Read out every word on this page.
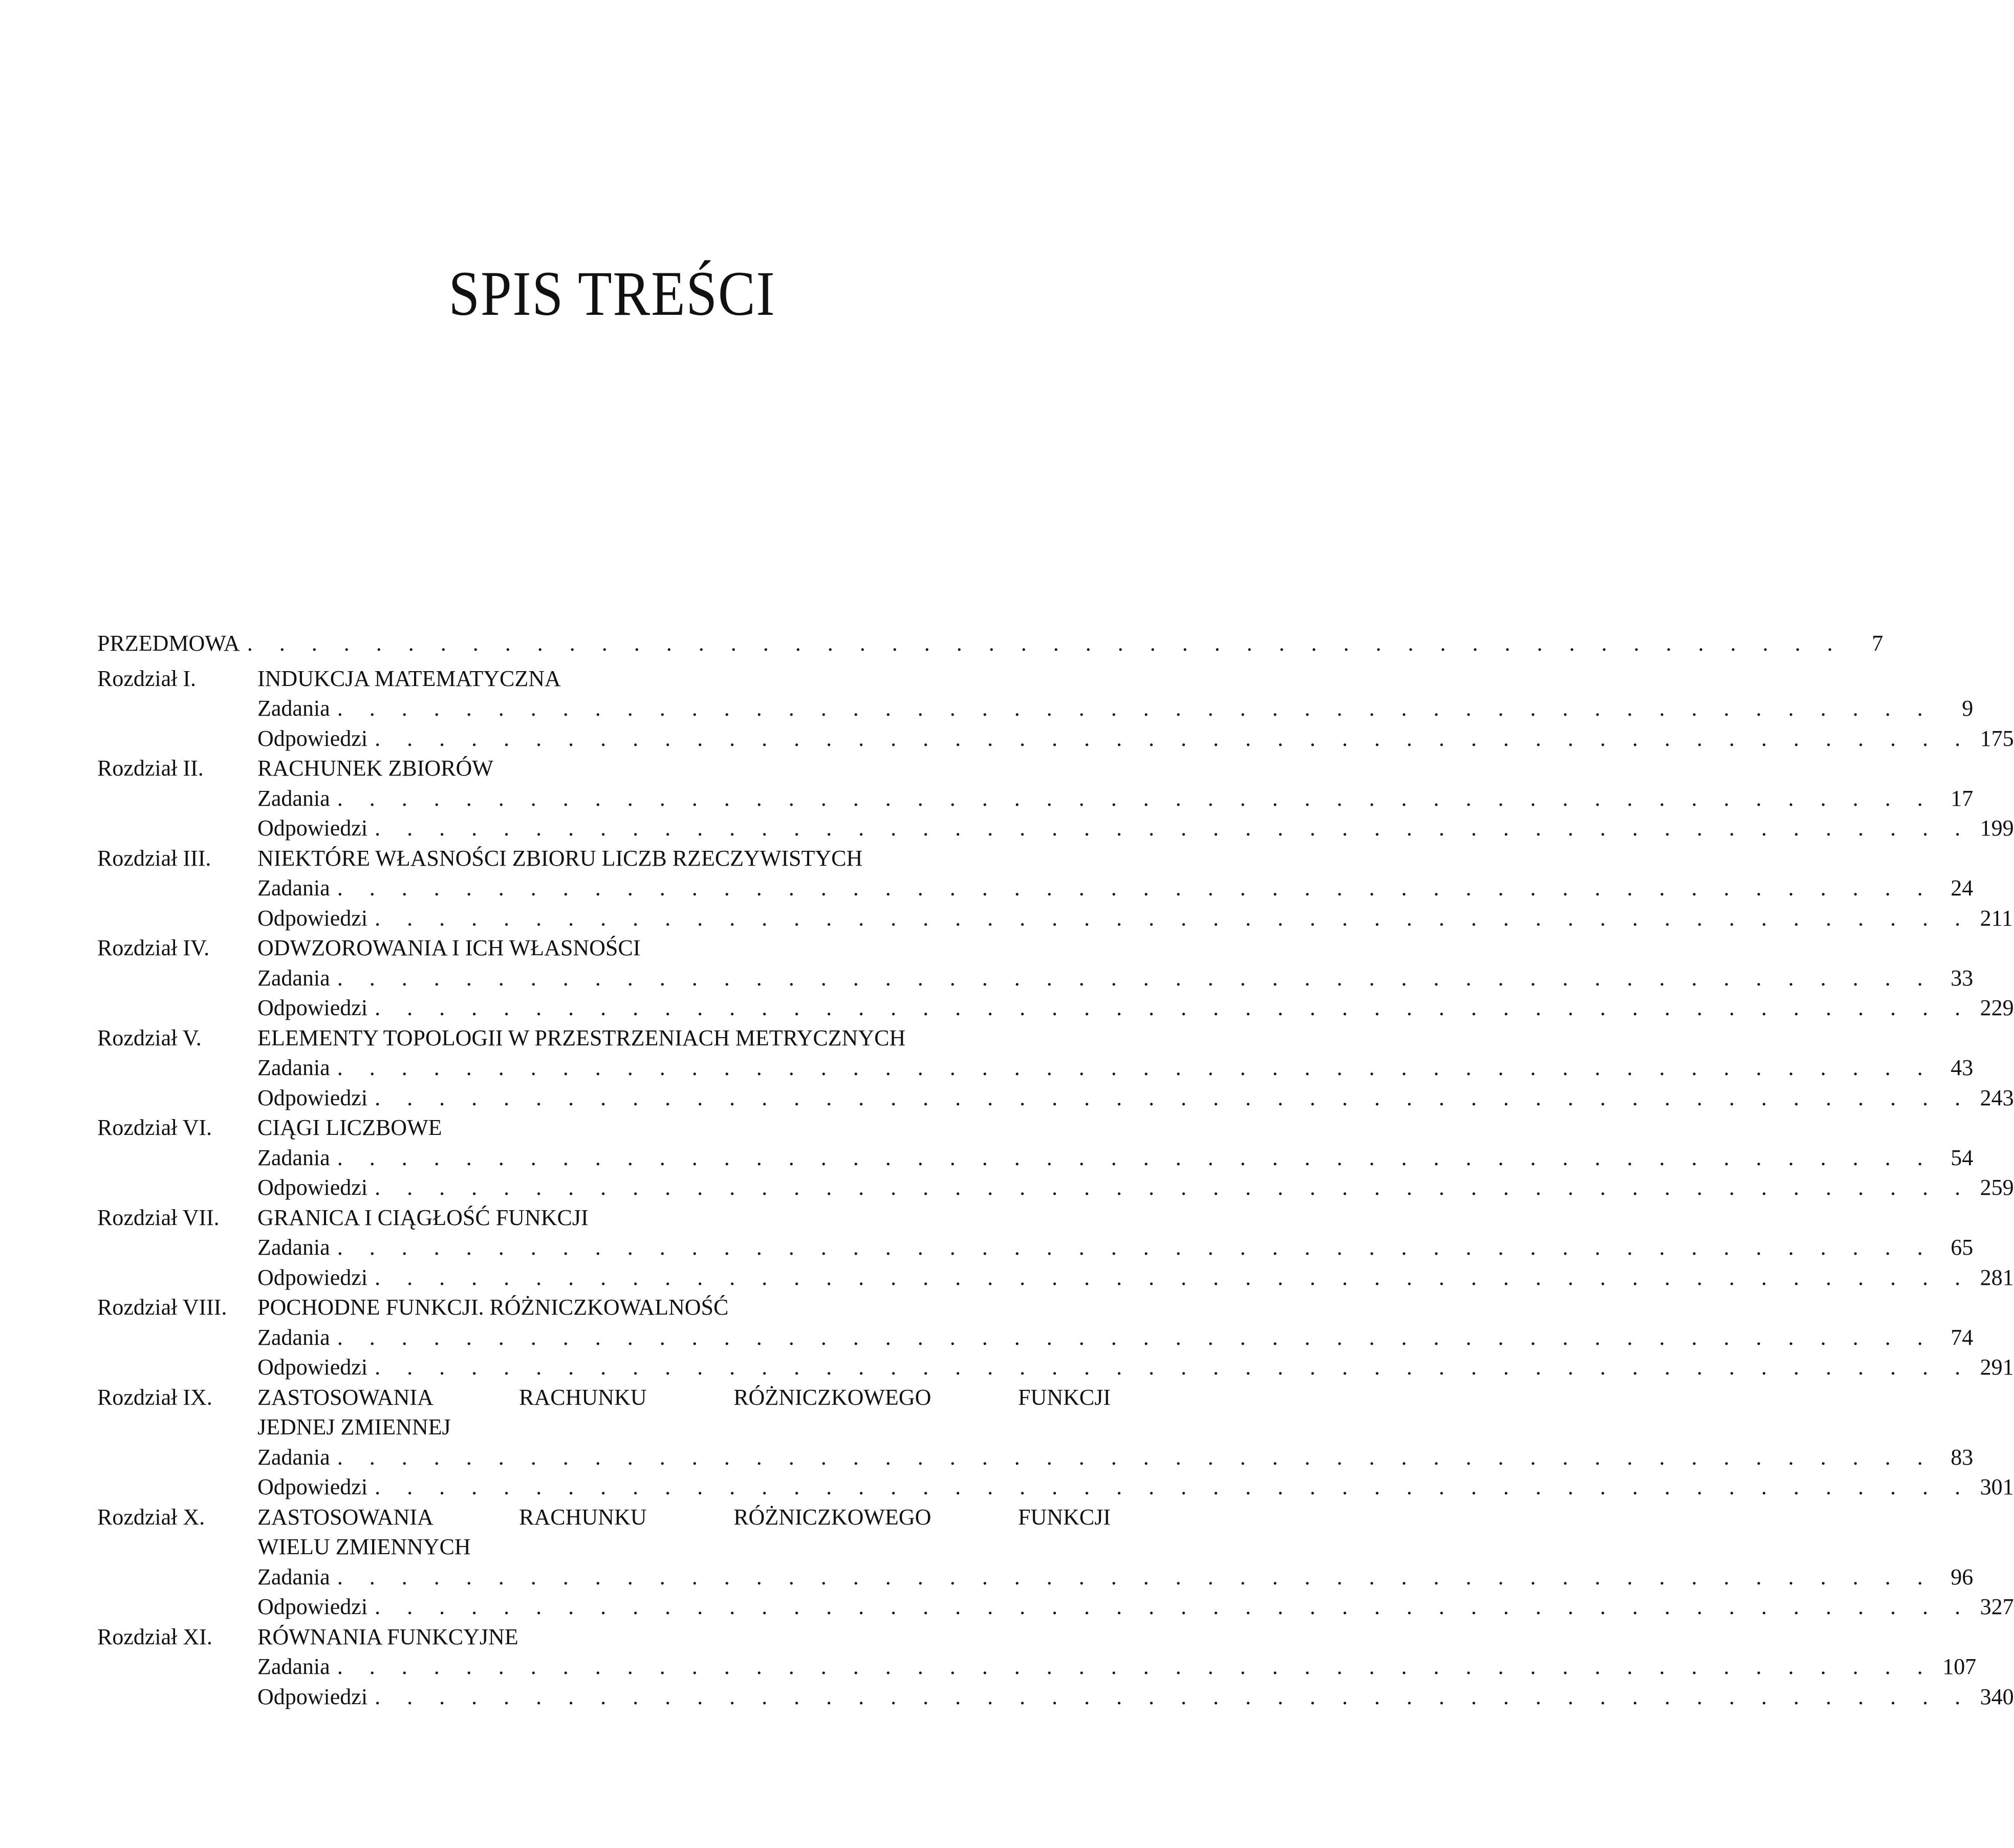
SPIS TREŚCI
PRZEDMOWA . . . . . . . . . . . . . . . . . . . . . . . . . . . . . . . . . . . . . . . . . . . . . . . . . .	7
Rozdział I.	INDUKCJA MATEMATYCZNA
Zadania . . . . . . . . . . . . . . . . . . . . . . . . . . . . . . . . . . . . . . . . . . . . . . . . . .	9
Odpowiedzi . . . . . . . . . . . . . . . . . . . . . . . . . . . . . . . . . . . . . . . . . . . . . . . . . . 175
Rozdział II. RACHUNEK ZBIORÓW
Zadania . . . . . . . . . . . . . . . . . . . . . . . . . . . . . . . . . . . . . . . . . . . . . . . . . . 17
Odpowiedzi . . . . . . . . . . . . . . . . . . . . . . . . . . . . . . . . . . . . . . . . . . . . . . . . . . 199
Rozdział III. NIEKTÓRE WŁASNOŚCI ZBIORU LICZB RZECZYWISTYCH
Zadania . . . . . . . . . . . . . . . . . . . . . . . . . . . . . . . . . . . . . . . . . . . . . . . . . . 24
Odpowiedzi . . . . . . . . . . . . . . . . . . . . . . . . . . . . . . . . . . . . . . . . . . . . . . . . . . 211
Rozdział IV. ODWZOROWANIA I ICH WŁASNOŚCI
Zadania . . . . . . . . . . . . . . . . . . . . . . . . . . . . . . . . . . . . . . . . . . . . . . . . . . 33
Odpowiedzi . . . . . . . . . . . . . . . . . . . . . . . . . . . . . . . . . . . . . . . . . . . . . . . . . . 229
Rozdział V. ELEMENTY TOPOLOGII W PRZESTRZENIACH METRYCZNYCH
Zadania . . . . . . . . . . . . . . . . . . . . . . . . . . . . . . . . . . . . . . . . . . . . . . . . . . 43
Odpowiedzi . . . . . . . . . . . . . . . . . . . . . . . . . . . . . . . . . . . . . . . . . . . . . . . . . . 243
Rozdział VI. CIĄGI LICZBOWE
Zadania . . . . . . . . . . . . . . . . . . . . . . . . . . . . . . . . . . . . . . . . . . . . . . . . . . 54
Odpowiedzi . . . . . . . . . . . . . . . . . . . . . . . . . . . . . . . . . . . . . . . . . . . . . . . . . . 259
Rozdział VII. GRANICA I CIĄGŁOŚĆ FUNKCJI
Zadania . . . . . . . . . . . . . . . . . . . . . . . . . . . . . . . . . . . . . . . . . . . . . . . . . . 65
Odpowiedzi . . . . . . . . . . . . . . . . . . . . . . . . . . . . . . . . . . . . . . . . . . . . . . . . . . 281
Rozdział VIII. POCHODNE FUNKCJI. RÓŻNICZKOWALNOŚĆ
Zadania . . . . . . . . . . . . . . . . . . . . . . . . . . . . . . . . . . . . . . . . . . . . . . . . . . 74
Odpowiedzi . . . . . . . . . . . . . . . . . . . . . . . . . . . . . . . . . . . . . . . . . . . . . . . . . . 291
Rozdział IX. ZASTOSOWANIA RACHUNKU RÓŻNICZKOWEGO FUNKCJI
JEDNEJ ZMIENNEJ
Zadania . . . . . . . . . . . . . . . . . . . . . . . . . . . . . . . . . . . . . . . . . . . . . . . . . . 83
Odpowiedzi . . . . . . . . . . . . . . . . . . . . . . . . . . . . . . . . . . . . . . . . . . . . . . . . . . 301
Rozdział X. ZASTOSOWANIA RACHUNKU RÓŻNICZKOWEGO FUNKCJI
WIELU ZMIENNYCH
Zadania . . . . . . . . . . . . . . . . . . . . . . . . . . . . . . . . . . . . . . . . . . . . . . . . . . 96
Odpowiedzi . . . . . . . . . . . . . . . . . . . . . . . . . . . . . . . . . . . . . . . . . . . . . . . . . . 327
Rozdział XI. RÓWNANIA FUNKCYJNE
Zadania . . . . . . . . . . . . . . . . . . . . . . . . . . . . . . . . . . . . . . . . . . . . . . . . . . 107
Odpowiedzi . . . . . . . . . . . . . . . . . . . . . . . . . . . . . . . . . . . . . . . . . . . . . . . . . . 340
